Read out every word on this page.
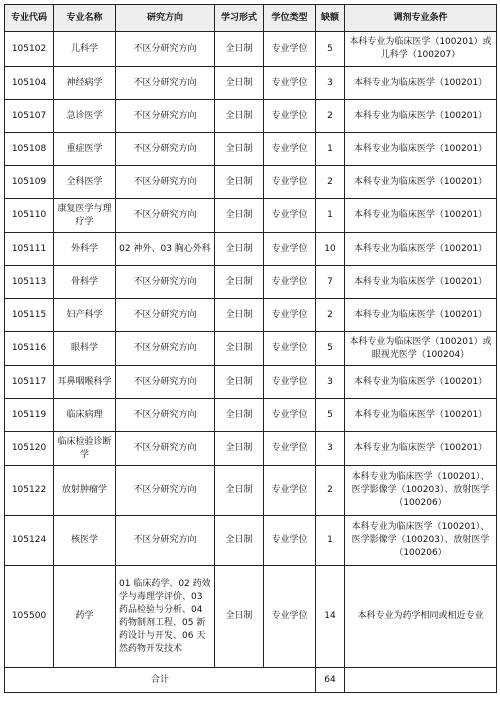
专业代码	专业名称	研究方向	学习形式	学位类型	缺额	调剂专业条件
105102	儿科学	不区分研究方向	全日制	专业学位	5	本科专业为临床医学（100201）或儿科学（100207）
105104	神经病学	不区分研究方向	全日制	专业学位	3	本科专业为临床医学（100201）
105107	急诊医学	不区分研究方向	全日制	专业学位	2	本科专业为临床医学（100201）
105108	重症医学	不区分研究方向	全日制	专业学位	1	本科专业为临床医学（100201）
105109	全科医学	不区分研究方向	全日制	专业学位	2	本科专业为临床医学（100201）
105110	康复医学与理疗学	不区分研究方向	全日制	专业学位	1	本科专业为临床医学（100201）
105111	外科学	02 神外、03 胸心外科	全日制	专业学位	10	本科专业为临床医学（100201）
105113	骨科学	不区分研究方向	全日制	专业学位	7	本科专业为临床医学（100201）
105115	妇产科学	不区分研究方向	全日制	专业学位	2	本科专业为临床医学（100201）
105116	眼科学	不区分研究方向	全日制	专业学位	5	本科专业为临床医学（100201）或眼视光医学（100204）
105117	耳鼻咽喉科学	不区分研究方向	全日制	专业学位	3	本科专业为临床医学（100201）
105119	临床病理	不区分研究方向	全日制	专业学位	5	本科专业为临床医学（100201）
105120	临床检验诊断学	不区分研究方向	全日制	专业学位	3	本科专业为临床医学（100201）
105122	放射肿瘤学	不区分研究方向	全日制	专业学位	2	本科专业为临床医学（100201）、医学影像学（100203）、放射医学（100206）
105124	核医学	不区分研究方向	全日制	专业学位	1	本科专业为临床医学（100201）、医学影像学（100203）、放射医学（100206）
105500	药学	01 临床药学、02 药效学与毒理学评价、03 药品检验与分析、04 药物制剂工程、05 新药设计与开发、06 天然药物开发技术	全日制	专业学位	14	本科专业为药学相同或相近专业
合计					64	
